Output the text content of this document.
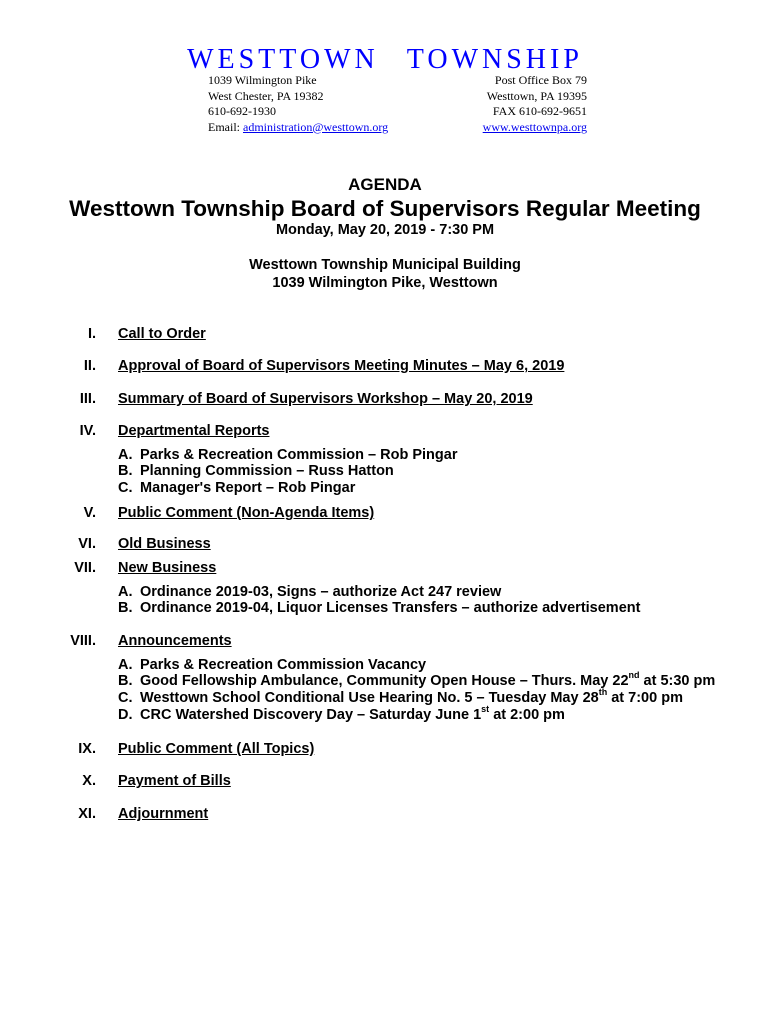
WESTTOWN TOWNSHIP
1039 Wilmington Pike
West Chester, PA 19382
610-692-1930
Email: administration@westtown.org
Post Office Box 79
Westtown, PA 19395
FAX 610-692-9651
www.westtownpa.org
AGENDA
Westtown Township Board of Supervisors Regular Meeting
Monday, May 20, 2019 - 7:30 PM
Westtown Township Municipal Building
1039 Wilmington Pike, Westtown
I. Call to Order
II. Approval of Board of Supervisors Meeting Minutes – May 6, 2019
III. Summary of Board of Supervisors Workshop – May 20, 2019
IV. Departmental Reports
A. Parks & Recreation Commission – Rob Pingar
B. Planning Commission – Russ Hatton
C. Manager's Report – Rob Pingar
V. Public Comment (Non-Agenda Items)
VI. Old Business
VII. New Business
A. Ordinance 2019-03, Signs – authorize Act 247 review
B. Ordinance 2019-04, Liquor Licenses Transfers – authorize advertisement
VIII. Announcements
A. Parks & Recreation Commission Vacancy
B. Good Fellowship Ambulance, Community Open House – Thurs. May 22nd at 5:30 pm
C. Westtown School Conditional Use Hearing No. 5 – Tuesday May 28th at 7:00 pm
D. CRC Watershed Discovery Day – Saturday June 1st at 2:00 pm
IX. Public Comment (All Topics)
X. Payment of Bills
XI. Adjournment
